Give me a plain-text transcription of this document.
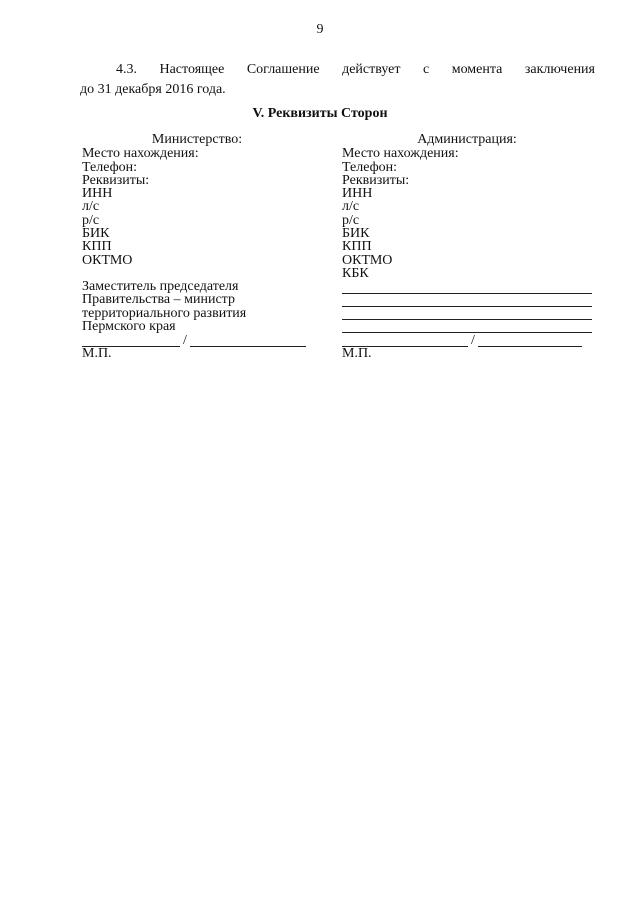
9
4.3. Настоящее Соглашение действует с момента заключения
до 31 декабря 2016 года.
V. Реквизиты Сторон
Министерство:
Место нахождения:
Телефон:
Реквизиты:
ИНН
л/с
р/с
БИК
КПП
ОКТМО
Заместитель председателя
Правительства – министр
территориального развития
Пермского края
/
М.П.
Администрация:
Место нахождения:
Телефон:
Реквизиты:
ИНН
л/с
р/с
БИК
КПП
ОКТМО
КБК
/
М.П.
